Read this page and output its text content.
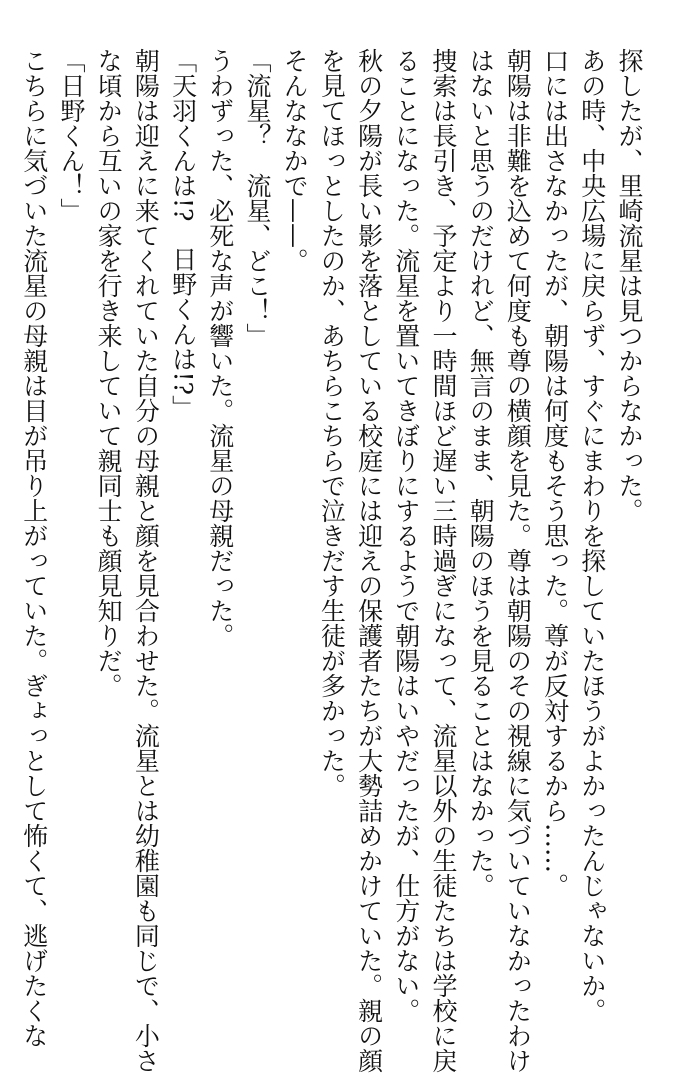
探したが、里崎流星は見つからなかった。
あの時、中央広場に戻らず、すぐにまわりを探していたほうがよかったんじゃないか。
口には出さなかったが、朝陽は何度もそう思った。尊が反対するから……。
朝陽は非難を込めて何度も尊の横顔を見た。尊は朝陽のその視線に気づいていなかったわけ
はないと思うのだけれど、無言のまま、朝陽のほうを見ることはなかった。
捜索は長引き、予定より一時間ほど遅い三時過ぎになって、流星以外の生徒たちは学校に戻
ることになった。流星を置いてきぼりにするようで朝陽はいやだったが、仕方がない。
秋の夕陽が長い影を落としている校庭には迎えの保護者たちが大勢詰めかけていた。親の顔
を見てほっとしたのか、あちらこちらで泣きだす生徒が多かった。
そんななかで——。
「流星？　流星、どこ！」
うわずった、必死な声が響いた。流星の母親だった。
「天羽くんは!?　日野くんは!?」
朝陽は迎えに来てくれていた自分の母親と顔を見合わせた。流星とは幼稚園も同じで、小さ
な頃から互いの家を行き来していて親同士も顔見知りだ。
「日野くん！」
こちらに気づいた流星の母親は目が吊り上がっていた。ぎょっとして怖くて、逃げたくな
